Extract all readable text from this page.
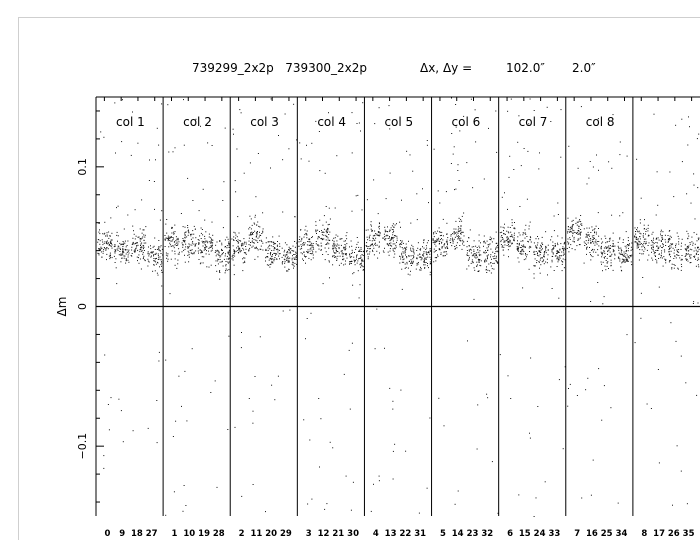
739299_2x2p   739300_2x2p	Δx, Δy =	102.0″ 2.0″
0.1
0
−0.1
col 1	col 2	col 3	col 4	col 5	col 6	col 7	col 8
0 9 18 27 1 10 19 28 2 11 20 29 3 12 21 30 4 13 22 31 5 14 23 32 6 15 24 33 7 16 25 34 8 17 26 35
Δm
